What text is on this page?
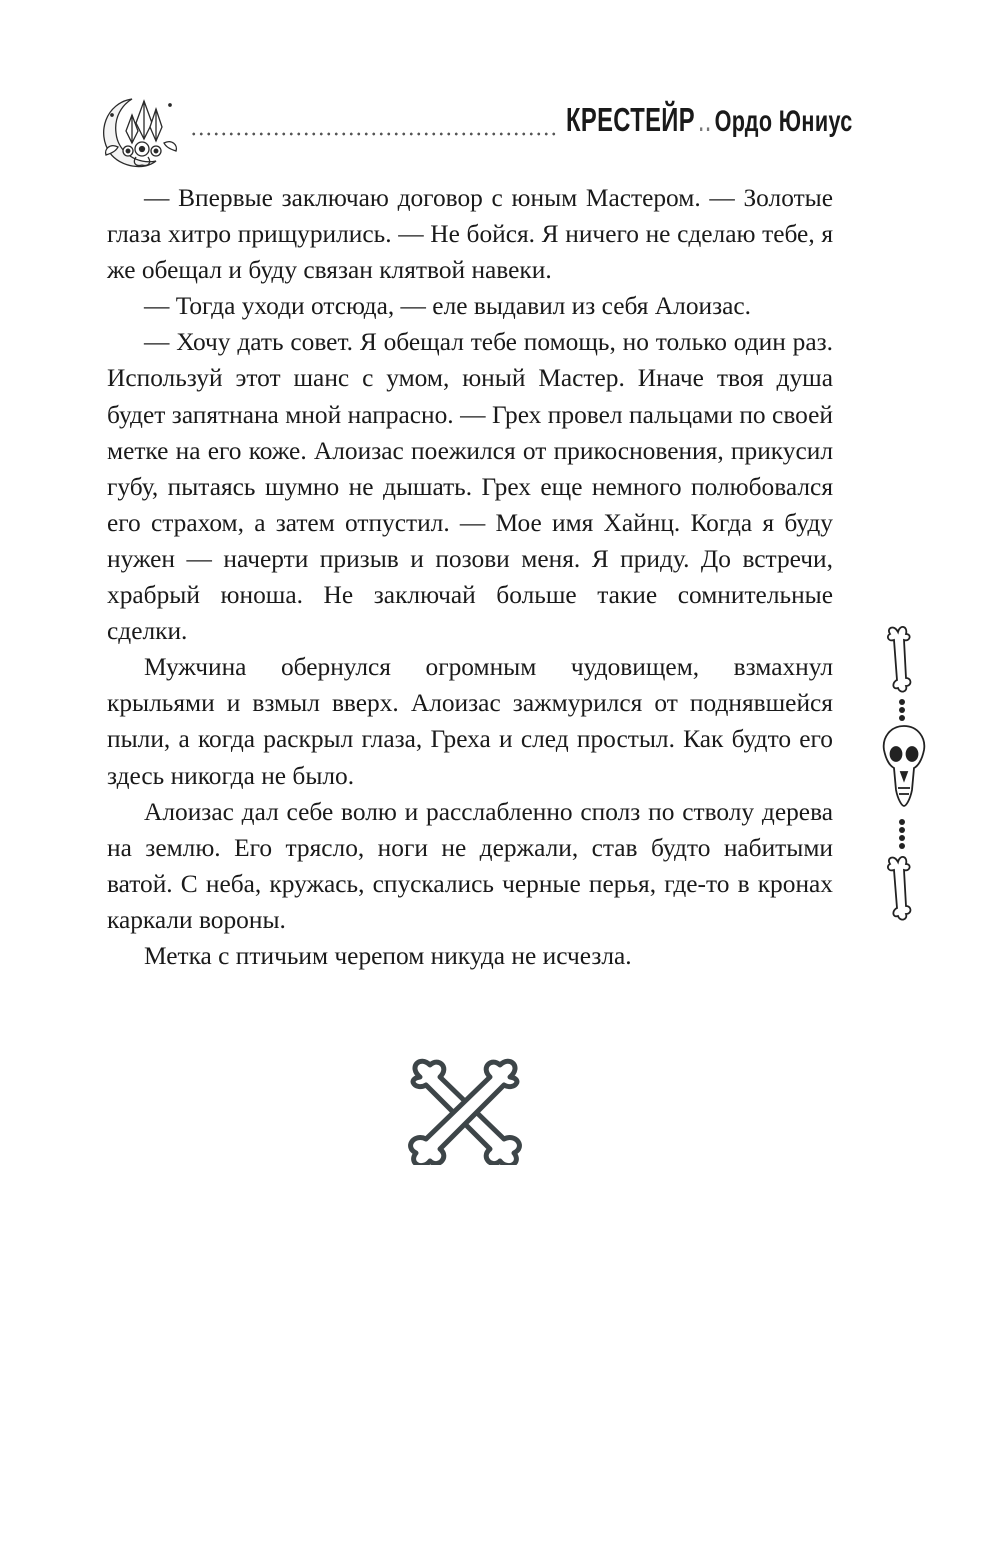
КРЕСТЕЙР..Ордо Юниус

— Впервые заключаю договор с юным Мастером. — Золотые глаза хитро прищурились. — Не бойся. Я ничего не сделаю тебе, я же обещал и буду связан клятвой навеки.

— Тогда уходи отсюда, — еле выдавил из себя Алоизас.

— Хочу дать совет. Я обещал тебе помощь, но только один раз. Используй этот шанс с умом, юный Мастер. Иначе твоя душа будет запятнана мной напрасно. — Грех провел пальцами по своей метке на его коже. Алоизас поежился от прикосновения, прикусил губу, пытаясь шумно не дышать. Грех еще немного полюбовался его страхом, а затем отпустил. — Мое имя Хайнц. Когда я буду нужен — начерти призыв и позови меня. Я приду. До встречи, храбрый юноша. Не заключай больше такие сомнительные сделки.

Мужчина обернулся огромным чудовищем, взмахнул крыльями и взмыл вверх. Алоизас зажмурился от поднявшейся пыли, а когда раскрыл глаза, Греха и след простыл. Как будто его здесь никогда не было.

Алоизас дал себе волю и расслабленно сполз по стволу дерева на землю. Его трясло, ноги не держали, став будто набитыми ватой. С неба, кружась, спускались черные перья, где-то в кронах каркали вороны.

Метка с птичьим черепом никуда не исчезла.
